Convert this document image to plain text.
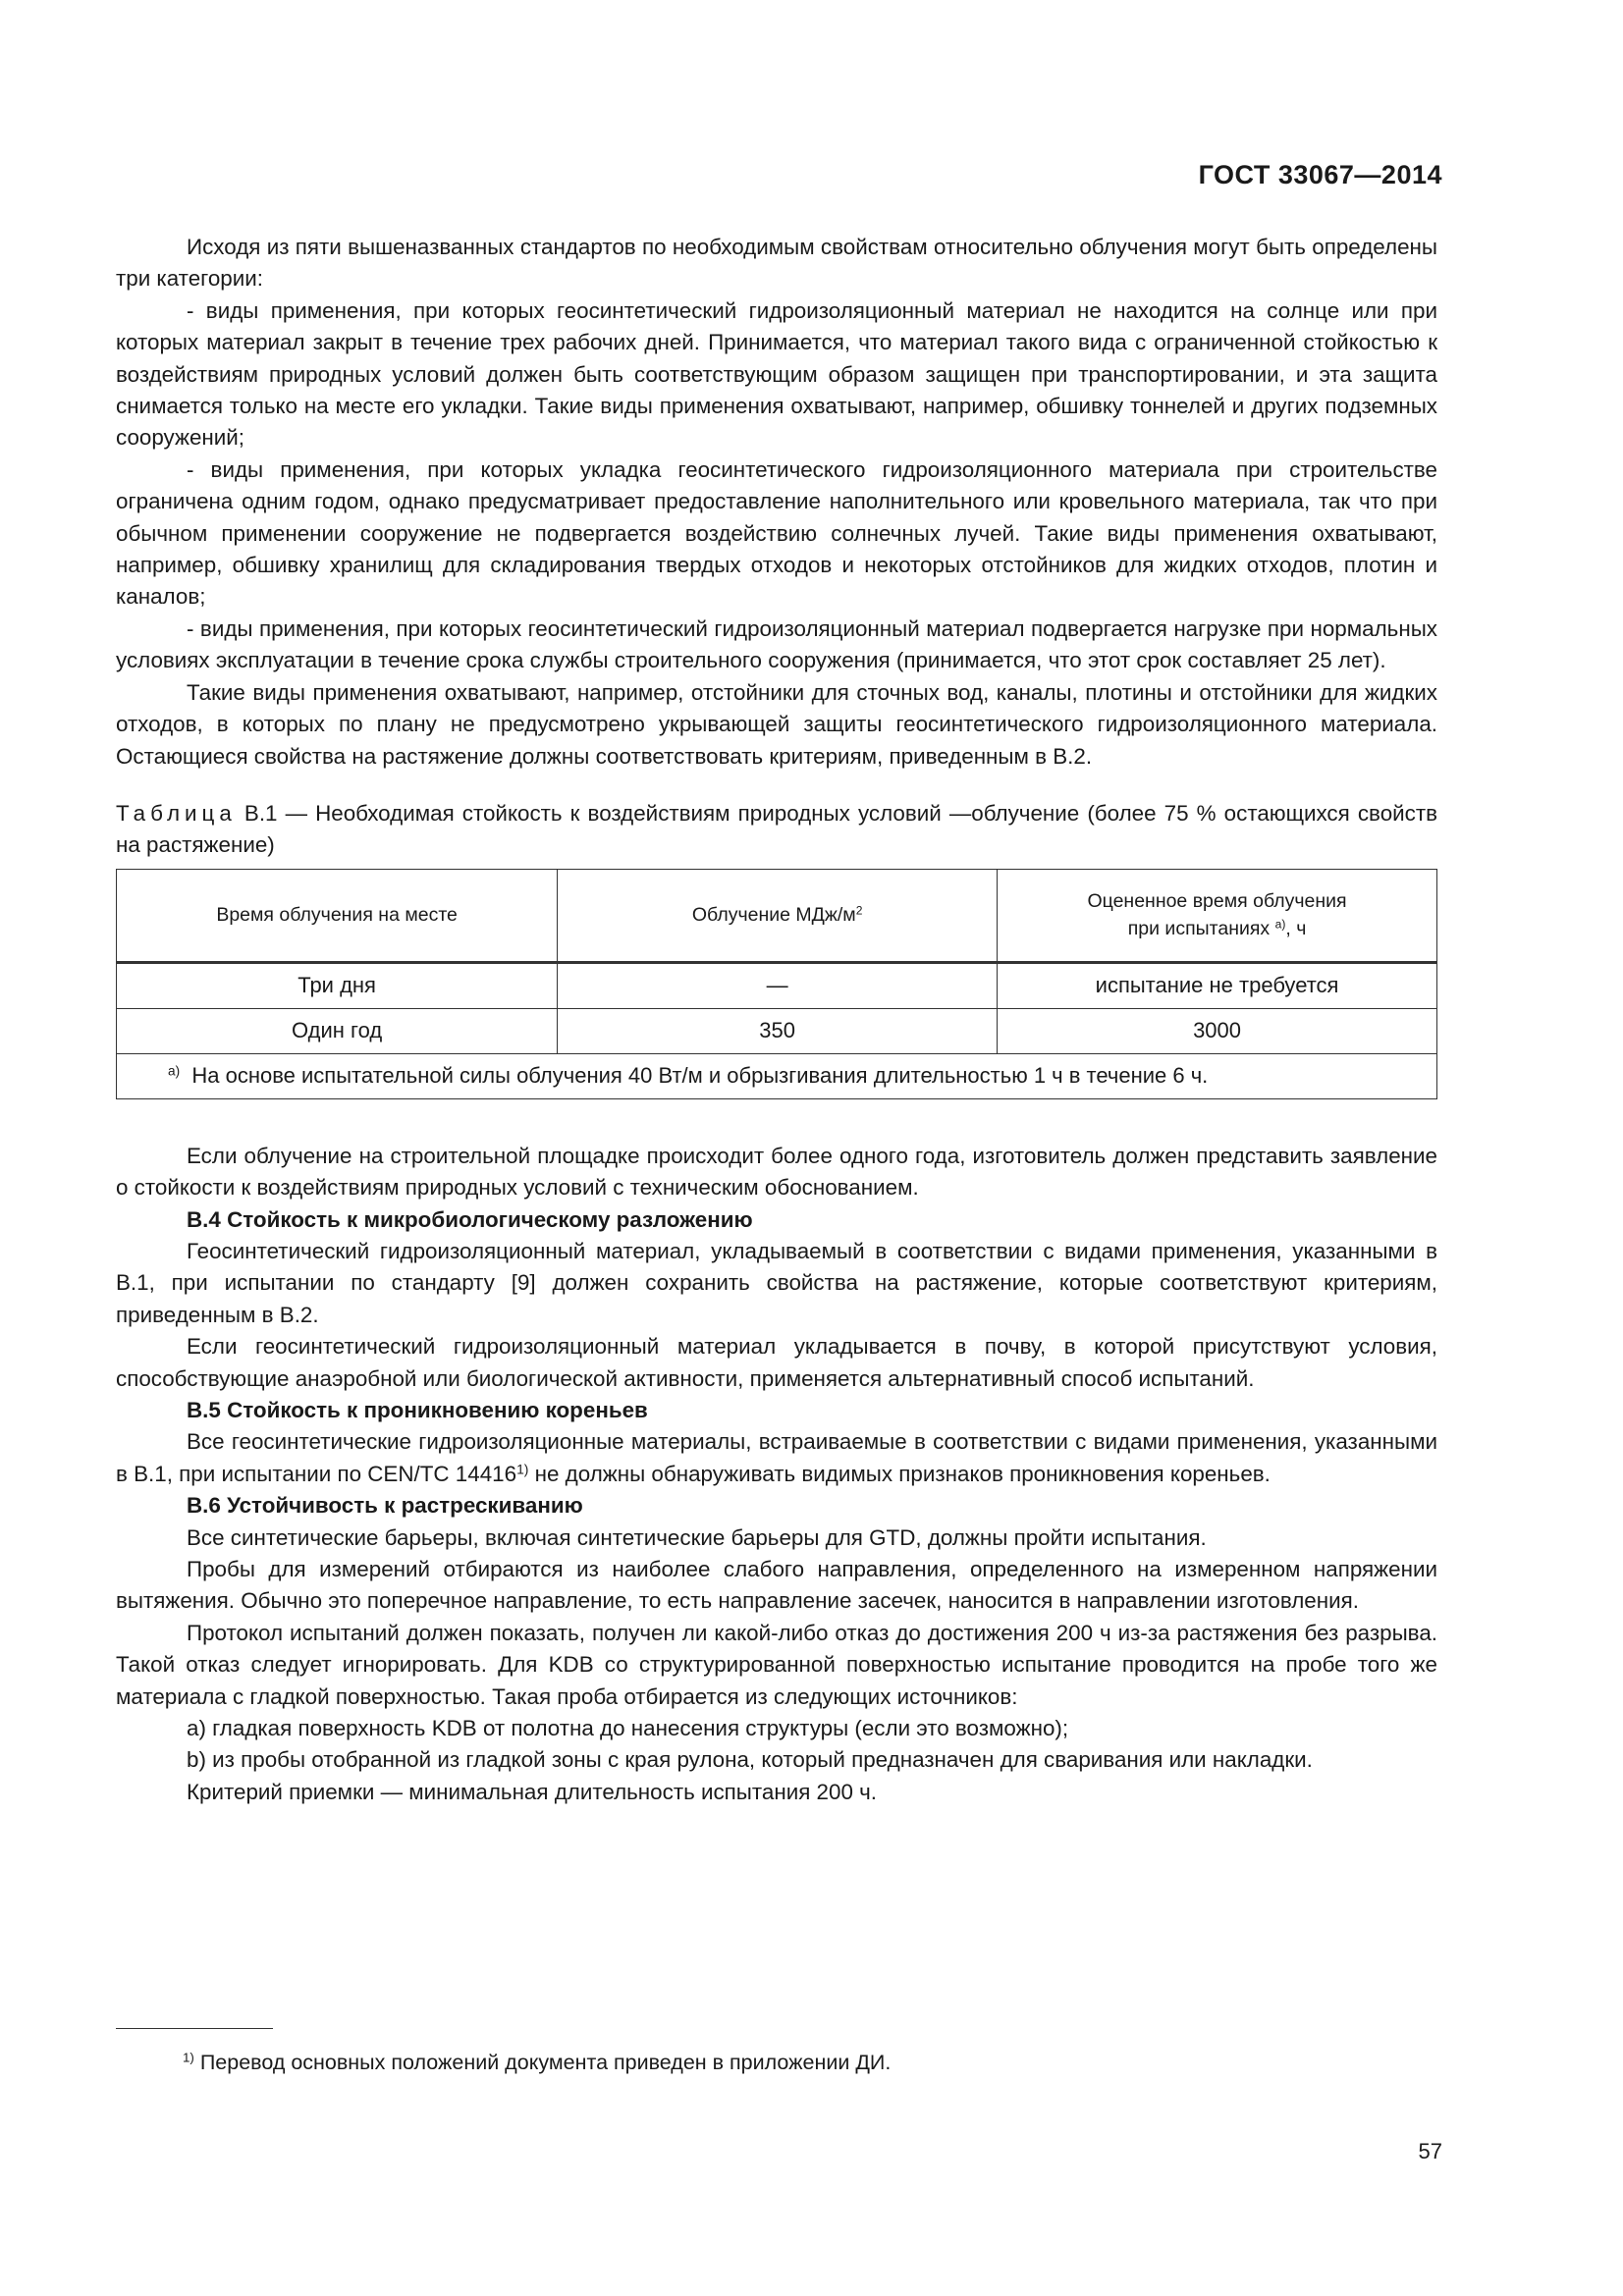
ГОСТ 33067—2014

Исходя из пяти вышеназванных стандартов по необходимым свойствам относительно облучения могут быть определены три категории:

- виды применения, при которых геосинтетический гидроизоляционный материал не находится на солнце или при которых материал закрыт в течение трех рабочих дней. Принимается, что материал такого вида с ограниченной стойкостью к воздействиям природных условий должен быть соответствующим образом защищен при транспортировании, и эта защита снимается только на месте его укладки. Такие виды применения охватывают, например, обшивку тоннелей и других подземных сооружений;

- виды применения, при которых укладка геосинтетического гидроизоляционного материала при строительстве ограничена одним годом, однако предусматривает предоставление наполнительного или кровельного материала, так что при обычном применении сооружение не подвергается воздействию солнечных лучей. Такие виды применения охватывают, например, обшивку хранилищ для складирования твердых отходов и некоторых отстойников для жидких отходов, плотин и каналов;

- виды применения, при которых геосинтетический гидроизоляционный материал подвергается нагрузке при нормальных условиях эксплуатации в течение срока службы строительного сооружения (принимается, что этот срок составляет 25 лет).

Такие виды применения охватывают, например, отстойники для сточных вод, каналы, плотины и отстойники для жидких отходов, в которых по плану не предусмотрено укрывающей защиты геосинтетического гидроизоляционного материала. Остающиеся свойства на растяжение должны соответствовать критериям, приведенным в В.2.

Таблица В.1 — Необходимая стойкость к воздействиям природных условий —облучение (более 75 % остающихся свойств на растяжение)

Время облучения на месте	Облучение МДж/$м^2$	Оцененное время облучения
при испытаниях $^{a)}$, ч
Три дня	—	испытание не требуется
Один год	350	3000
$^{a)}$ На основе испытательной силы облучения 40 Вт/м и обрызгивания длительностью 1 ч в течение 6 ч.		

Если облучение на строительной площадке происходит более одного года, изготовитель должен представить заявление о стойкости к воздействиям природных условий с техническим обоснованием.

В.4 Стойкость к микробиологическому разложению

Геосинтетический гидроизоляционный материал, укладываемый в соответствии с видами применения, указанными в В.1, при испытании по стандарту [9] должен сохранить свойства на растяжение, которые соответствуют критериям, приведенным в В.2.

Если геосинтетический гидроизоляционный материал укладывается в почву, в которой присутствуют условия, способствующие анаэробной или биологической активности, применяется альтернативный способ испытаний.

В.5 Стойкость к проникновению кореньев

Все геосинтетические гидроизоляционные материалы, встраиваемые в соответствии с видами применения, указанными в В.1, при испытании по CEN/TC 14416$^{1)}$ не должны обнаруживать видимых признаков проникновения кореньев.

В.6 Устойчивость к растрескиванию

Все синтетические барьеры, включая синтетические барьеры для GTD, должны пройти испытания.

Пробы для измерений отбираются из наиболее слабого направления, определенного на измеренном напряжении вытяжения. Обычно это поперечное направление, то есть направление засечек, наносится в направлении изготовления.

Протокол испытаний должен показать, получен ли какой-либо отказ до достижения 200 ч из-за растяжения без разрыва. Такой отказ следует игнорировать. Для KDB со структурированной поверхностью испытание проводится на пробе того же материала с гладкой поверхностью. Такая проба отбирается из следующих источников:

a) гладкая поверхность KDB от полотна до нанесения структуры (если это возможно);

b) из пробы отобранной из гладкой зоны с края рулона, который предназначен для сваривания или накладки.

Критерий приемки — минимальная длительность испытания 200 ч.

$^{1)}$ Перевод основных положений документа приведен в приложении ДИ.
57
